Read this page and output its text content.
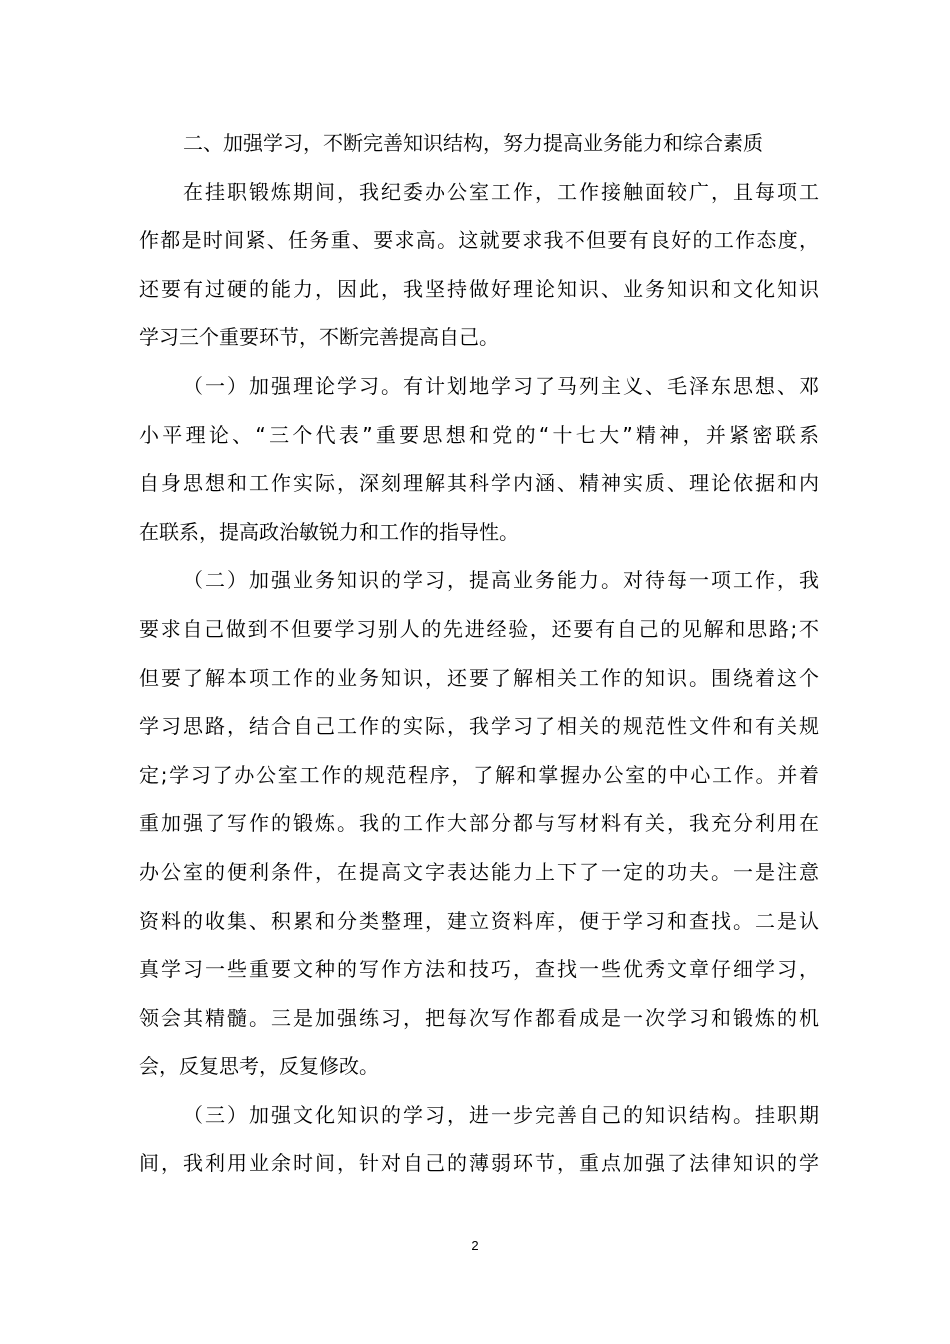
二、加强学习，不断完善知识结构，努力提高业务能力和综合素质
在挂职锻炼期间，我纪委办公室工作，工作接触面较广，且每项工
作都是时间紧、任务重、要求高。这就要求我不但要有良好的工作态度，
还要有过硬的能力，因此，我坚持做好理论知识、业务知识和文化知识
学习三个重要环节，不断完善提高自己。
（一）加强理论学习。有计划地学习了马列主义、毛泽东思想、邓
小平理论、“三个代表”重要思想和党的“十七大”精神，并紧密联系
自身思想和工作实际，深刻理解其科学内涵、精神实质、理论依据和内
在联系，提高政治敏锐力和工作的指导性。
（二）加强业务知识的学习，提高业务能力。对待每一项工作，我
要求自己做到不但要学习别人的先进经验，还要有自己的见解和思路;不
但要了解本项工作的业务知识，还要了解相关工作的知识。围绕着这个
学习思路，结合自己工作的实际，我学习了相关的规范性文件和有关规
定;学习了办公室工作的规范程序，了解和掌握办公室的中心工作。并着
重加强了写作的锻炼。我的工作大部分都与写材料有关，我充分利用在
办公室的便利条件，在提高文字表达能力上下了一定的功夫。一是注意
资料的收集、积累和分类整理，建立资料库，便于学习和查找。二是认
真学习一些重要文种的写作方法和技巧，查找一些优秀文章仔细学习，
领会其精髓。三是加强练习，把每次写作都看成是一次学习和锻炼的机
会，反复思考，反复修改。
（三）加强文化知识的学习，进一步完善自己的知识结构。挂职期
间，我利用业余时间，针对自己的薄弱环节，重点加强了法律知识的学
2
